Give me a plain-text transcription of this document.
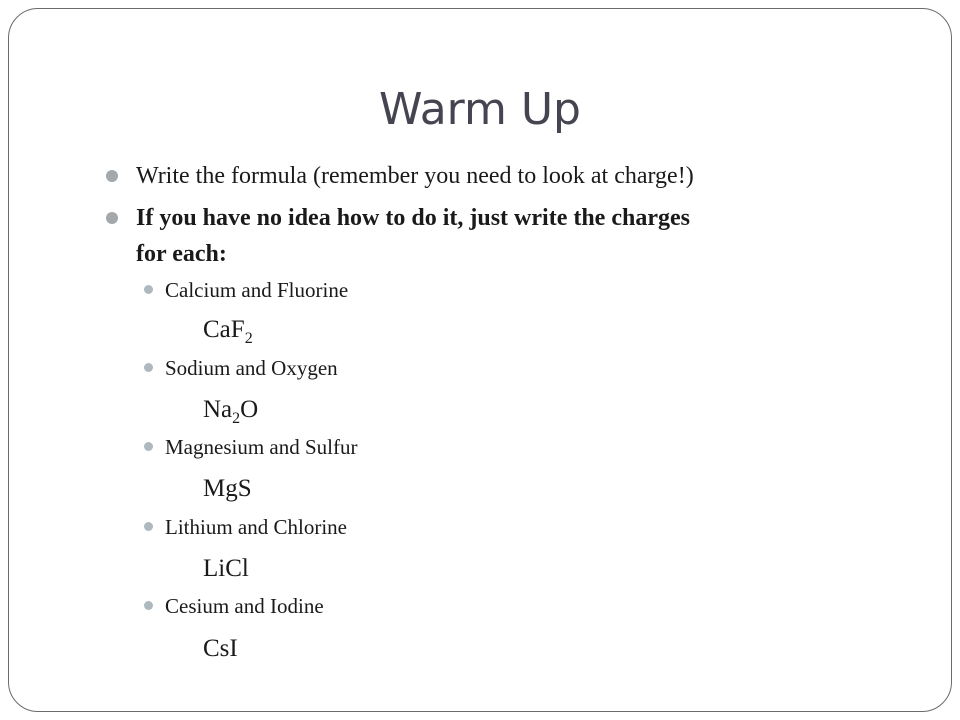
Warm Up
Write the formula (remember you need to look at charge!)
If you have no idea how to do it, just write the charges
for each:
Calcium and Fluorine
CaF$_2$
Sodium and Oxygen
$Na_2O$
Magnesium and Sulfur
MgS
Lithium and Chlorine
LiCl
Cesium and Iodine
CsI
